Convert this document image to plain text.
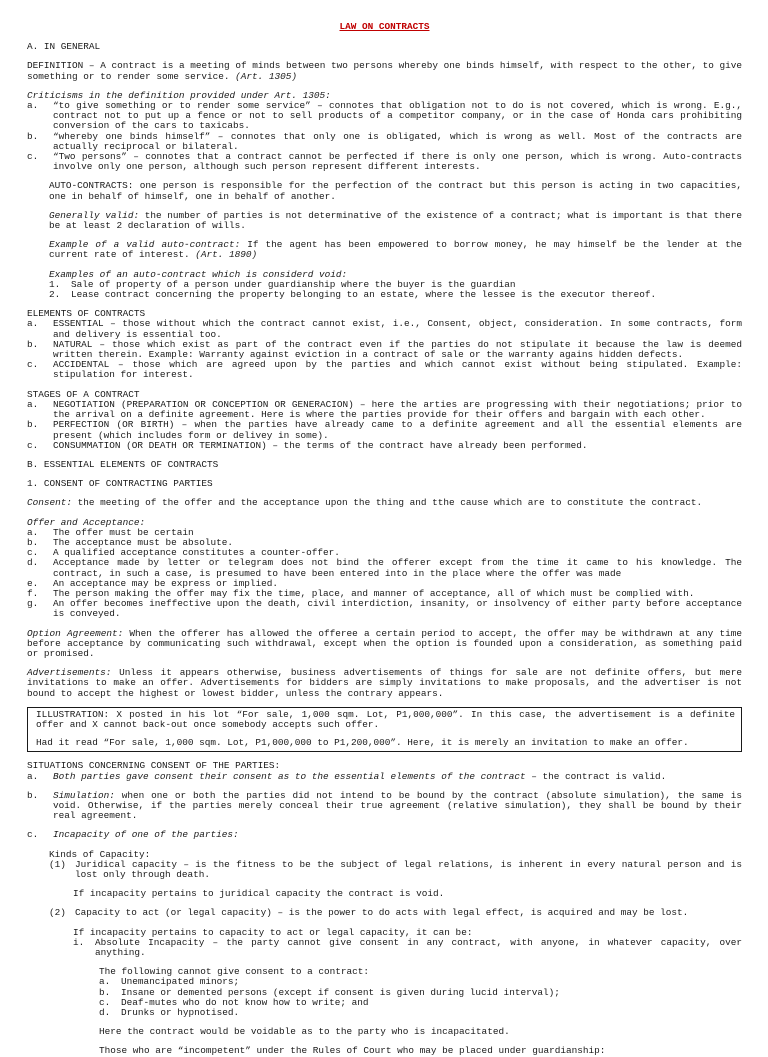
LAW ON CONTRACTS

A. IN GENERAL

DEFINITION – A contract is a meeting of minds between two persons whereby one binds himself, with respect to the other, to give something or to render some service. (Art. 1305)

Criticisms in the definition provided under Art. 1305:

a.	“to give something or to render some service” – connotes that obligation not to do is not covered, which is wrong. E.g., contract not to put up a fence or not to sell products of a competitor company, or in the case of Honda cars prohibiting conversion of the cars to taxicabs.
b.	“whereby one binds himself” – connotes that only one is obligated, which is wrong as well. Most of the contracts are actually reciprocal or bilateral.
c.	“Two persons” – connotes that a contract cannot be perfected if there is only one person, which is wrong. Auto-contracts involve only one person, although such person represent different interests.

AUTO-CONTRACTS: one person is responsible for the perfection of the contract but this person is acting in two capacities, one in behalf of himself, one in behalf of another.

Generally valid: the number of parties is not determinative of the existence of a contract; what is important is that there be at least 2 declaration of wills.

Example of a valid auto-contract: If the agent has been empowered to borrow money, he may himself be the lender at the current rate of interest. (Art. 1890)

Examples of an auto-contract which is considerd void:

1.	Sale of property of a person under guardianship where the buyer is the guardian
2.	Lease contract concerning the property belonging to an estate, where the lessee is the executor thereof.

ELEMENTS OF CONTRACTS

a.	ESSENTIAL – those without which the contract cannot exist, i.e., Consent, object, consideration. In some contracts, form and delivery is essential too.
b.	NATURAL – those which exist as part of the contract even if the parties do not stipulate it because the law is deemed written therein. Example: Warranty against eviction in a contract of sale or the warranty agains hidden defects.
c.	ACCIDENTAL – those which are agreed upon by the parties and which cannot exist without being stipulated. Example: stipulation for interest.

STAGES OF A CONTRACT

a.	NEGOTIATION (PREPARATION OR CONCEPTION OR GENERACION) – here the arties are progressing with their negotiations; prior to the arrival on a definite agreement. Here is where the parties provide for their offers and bargain with each other.
b.	PERFECTION (OR BIRTH) – when the parties have already came to a definite agreement and all the essential elements are present (which includes form or delivey in some).
c.	CONSUMMATION (OR DEATH OR TERMINATION) – the terms of the contract have already been performed.

B. ESSENTIAL ELEMENTS OF CONTRACTS

1. CONSENT OF CONTRACTING PARTIES

Consent: the meeting of the offer and the acceptance upon the thing and tthe cause which are to constitute the contract.

Offer and Acceptance:

a.	The offer must be certain
b.	The acceptance must be absolute.
c.	A qualified acceptance constitutes a counter-offer.
d.	Acceptance made by letter or telegram does not bind the offerer except from the time it came to his knowledge. The contract, in such a case, is presumed to have been entered into in the place where the offer was made
e.	An acceptance may be express or implied.
f.	The person making the offer may fix the time, place, and manner of acceptance, all of which must be complied with.
g.	An offer becomes ineffective upon the death, civil interdiction, insanity, or insolvency of either party before acceptance is conveyed.

Option Agreement: When the offerer has allowed the offeree a certain period to accept, the offer may be withdrawn at any time before acceptance by communicating such withdrawal, except when the option is founded upon a consideration, as something paid or promised.

Advertisements: Unless it appears otherwise, business advertisements of things for sale are not definite offers, but mere invitations to make an offer. Advertisements for bidders are simply invitations to make proposals, and the advertiser is not bound to accept the highest or lowest bidder, unless the contrary appears.

ILLUSTRATION: X posted in his lot “For sale, 1,000 sqm. Lot, P1,000,000”. In this case, the advertisement is a definite offer and X cannot back-out once somebody accepts such offer.

Had it read “For sale, 1,000 sqm. Lot, P1,000,000 to P1,200,000”. Here, it is merely an invitation to make an offer.

SITUATIONS CONCERNING CONSENT OF THE PARTIES:

a.	Both parties gave consent their consent as to the essential elements of the contract – the contract is valid.
b.	Simulation: when one or both the parties did not intend to be bound by the contract (absolute simulation), the same is void. Otherwise, if the parties merely conceal their true agreement (relative simulation), they shall be bound by their real agreement.
c.	Incapacity of one of the parties:

Kinds of Capacity:

(1) Juridical capacity – is the fitness to be the subject of legal relations, is inherent in every natural person and is lost only through death.

If incapacity pertains to juridical capacity the contract is void.

(2) Capacity to act (or legal capacity) – is the power to do acts with legal effect, is acquired and may be lost.

If incapacity pertains to capacity to act or legal capacity, it can be:

i.	Absolute Incapacity – the party cannot give consent in any contract, with anyone, in whatever capacity, over anything.

The following cannot give consent to a contract:

a.	Unemancipated minors;
b.	Insane or demented persons (except if consent is given during lucid interval);
c.	Deaf-mutes who do not know how to write; and
d.	Drunks or hypnotised.

Here the contract would be voidable as to the party who is incapacitated.

Those who are “incompetent” under the Rules of Court who may be placed under guardianship:
